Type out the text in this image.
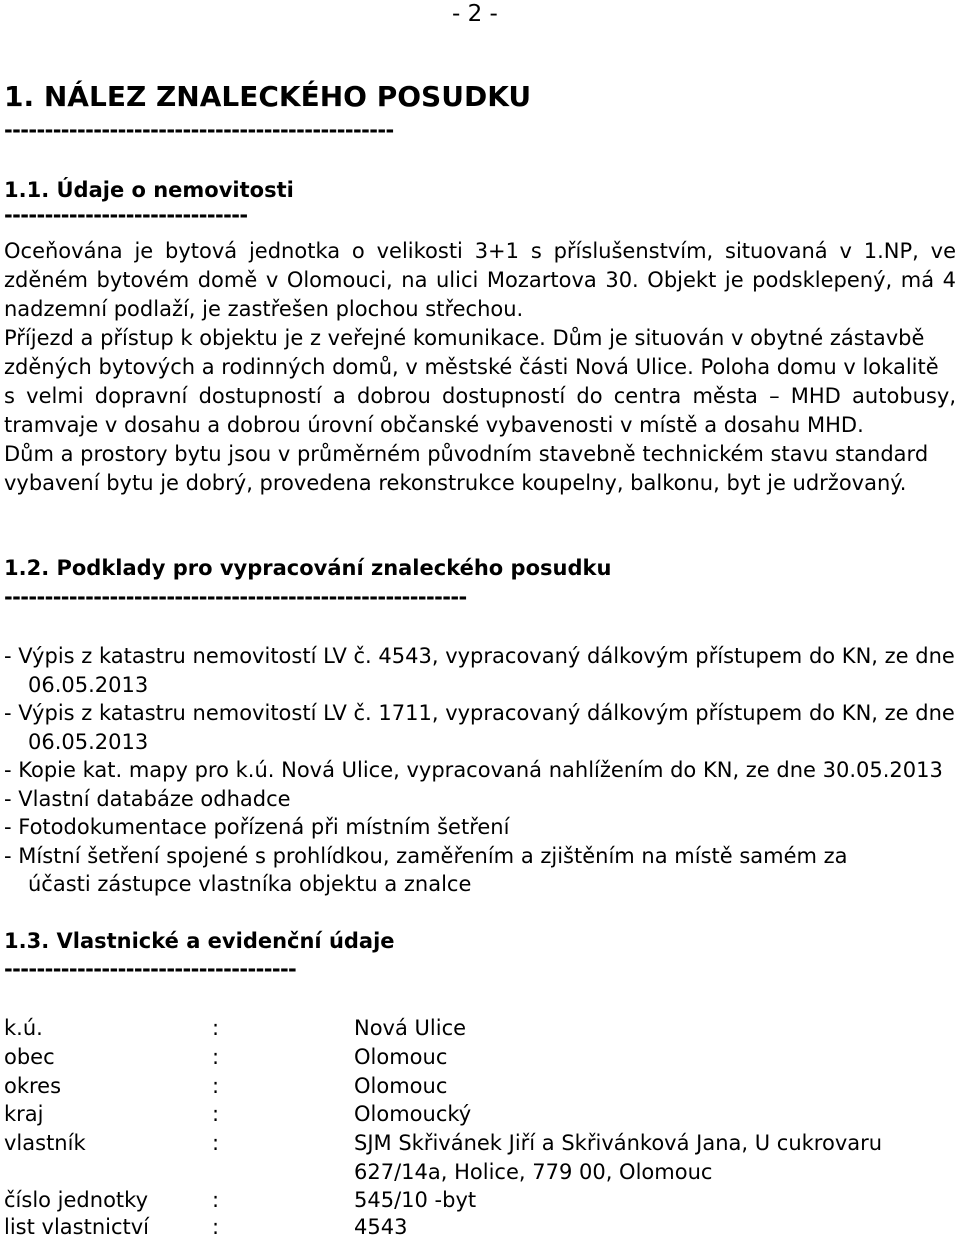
- 2 -
1. NÁLEZ ZNALECKÉHO POSUDKU
------------------------------------------------
1.1. Údaje o nemovitosti
------------------------------
Oceňována je bytová jednotka o velikosti 3+1 s příslušenstvím, situovaná v 1.NP, ve
zděném bytovém domě v Olomouci, na ulici Mozartova 30. Objekt je podsklepený, má 4
nadzemní podlaží, je zastřešen plochou střechou.
Příjezd a přístup k objektu je z veřejné komunikace. Dům je situován v obytné zástavbě
zděných bytových a rodinných domů, v městské části Nová Ulice. Poloha domu v lokalitě
s velmi dopravní dostupností a dobrou dostupností do centra města – MHD autobusy,
tramvaje v dosahu a dobrou úrovní občanské vybavenosti v místě a dosahu MHD.
Dům a prostory bytu jsou v průměrném původním stavebně technickém stavu standard
vybavení bytu je dobrý, provedena rekonstrukce koupelny, balkonu, byt je udržovaný.
1.2. Podklady pro vypracování znaleckého posudku
---------------------------------------------------------
- Výpis z katastru nemovitostí LV č. 4543, vypracovaný dálkovým přístupem do KN, ze dne
06.05.2013
- Výpis z katastru nemovitostí LV č. 1711, vypracovaný dálkovým přístupem do KN, ze dne
06.05.2013
- Kopie kat. mapy pro k.ú. Nová Ulice, vypracovaná nahlížením do KN, ze dne 30.05.2013
- Vlastní databáze odhadce
- Fotodokumentace pořízená při místním šetření
- Místní šetření spojené s prohlídkou, zaměřením a zjištěním na místě samém za
účasti zástupce vlastníka objektu a znalce
1.3. Vlastnické a evidenční údaje
------------------------------------
k.ú.	:	Nová Ulice
obec	:	Olomouc
okres	:	Olomouc
kraj	:	Olomoucký
vlastník	:	SJM Skřivánek Jiří a Skřivánková Jana, U cukrovaru
627/14a, Holice, 779 00, Olomouc
číslo jednotky	:	545/10 -byt
list vlastnictví	:	4543
